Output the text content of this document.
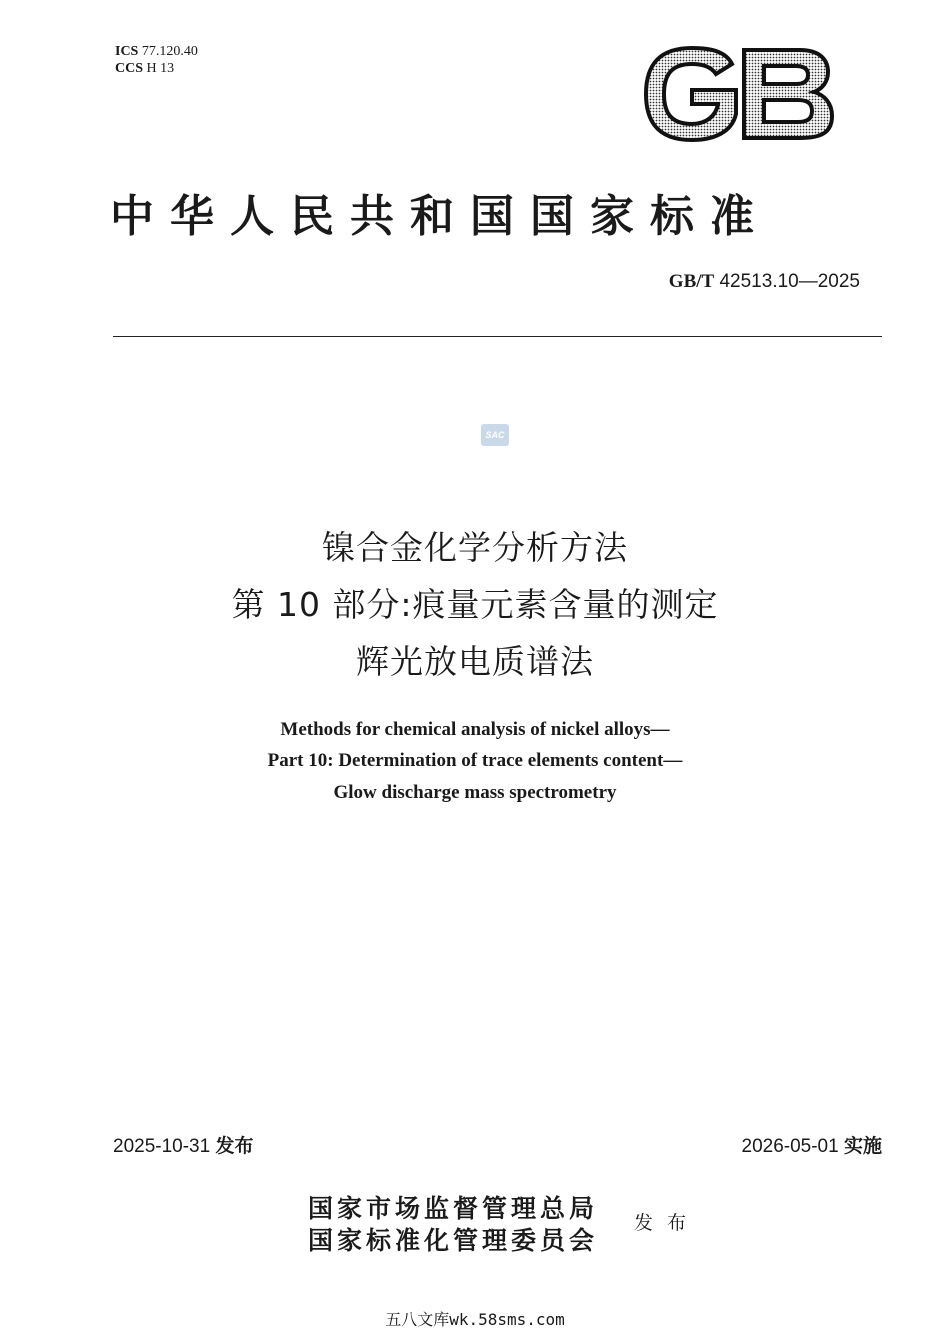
ICS 77.120.40
CCS H 13
GB
中华人民共和国国家标准
GB/T 42513.10—2025
SAC
镍合金化学分析方法
第 10 部分:痕量元素含量的测定
辉光放电质谱法
Methods for chemical analysis of nickel alloys—
Part 10: Determination of trace elements content—
Glow discharge mass spectrometry
2025-10-31 发布	2026-05-01 实施
国家市场监督管理总局
国家标准化管理委员会
发布
五八文库wk.58sms.com
